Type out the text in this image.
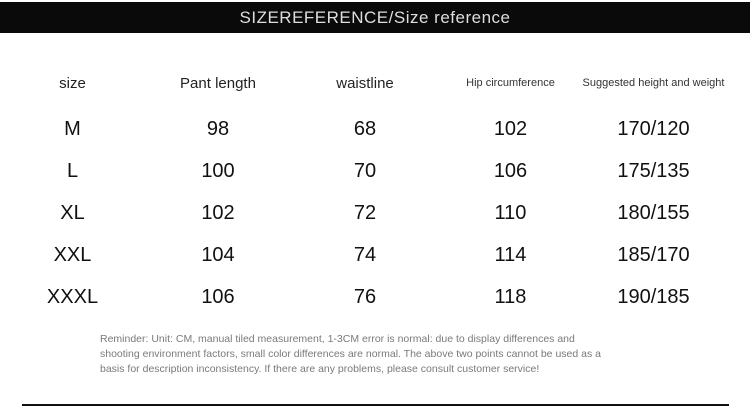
SIZEREFERENCE/Size reference
size	Pant length	waistline	Hip circumference	Suggested height and weight
M	98	68	102	170/120
L	100	70	106	175/135
XL	102	72	110	180/155
XXL	104	74	114	185/170
XXXL	106	76	118	190/185
Reminder: Unit: CM, manual tiled measurement, 1-3CM error is normal: due to display differences and
shooting environment factors, small color differences are normal. The above two points cannot be used as a
basis for description inconsistency. If there are any problems, please consult customer service!
